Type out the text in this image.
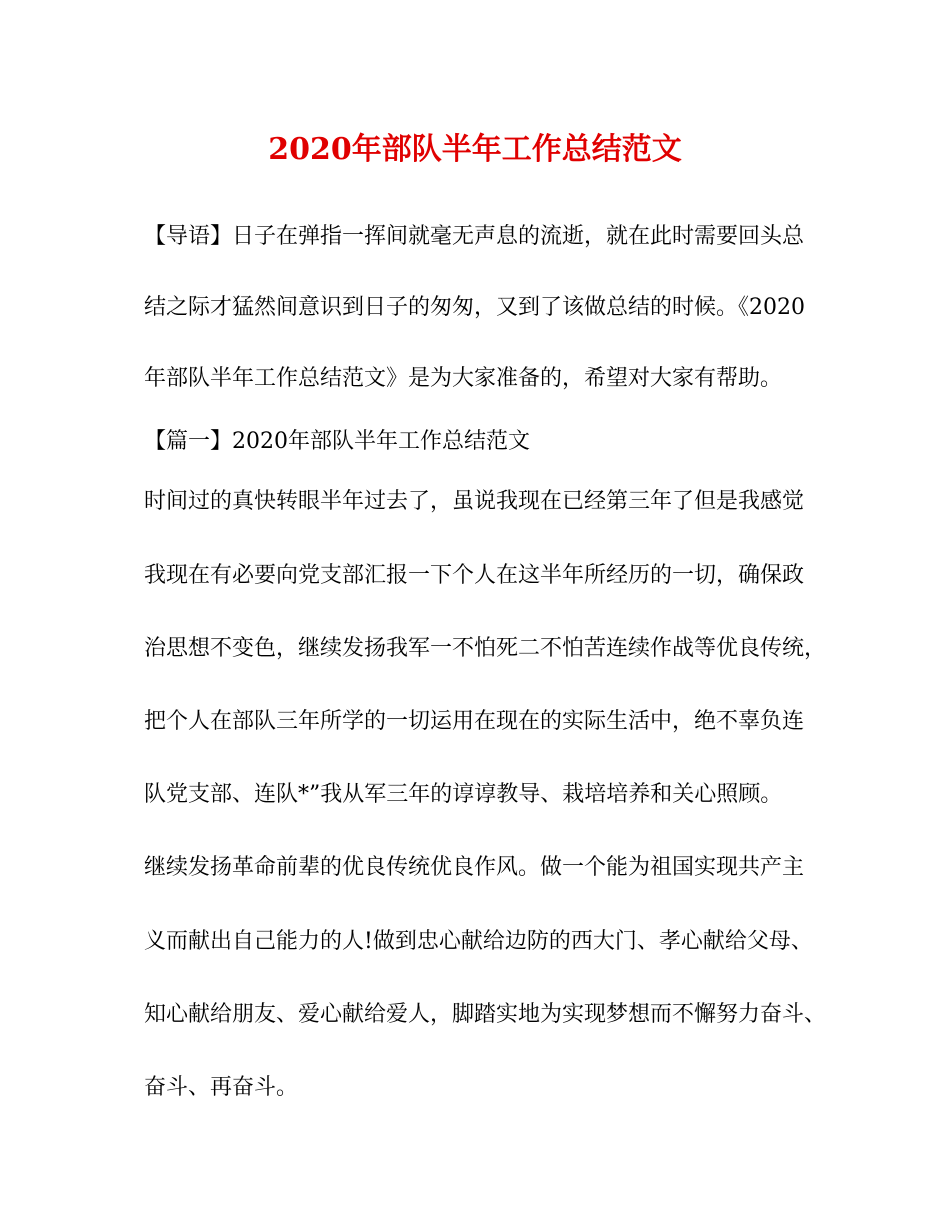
2020年部队半年工作总结范文
【导语】日子在弹指一挥间就毫无声息的流逝，就在此时需要回头总
结之际才猛然间意识到日子的匆匆，又到了该做总结的时候。《2020
年部队半年工作总结范文》是为大家准备的，希望对大家有帮助。
【篇一】2020年部队半年工作总结范文
时间过的真快转眼半年过去了，虽说我现在已经第三年了但是我感觉
我现在有必要向党支部汇报一下个人在这半年所经历的一切，确保政
治思想不变色，继续发扬我军一不怕死二不怕苦连续作战等优良传统，
把个人在部队三年所学的一切运用在现在的实际生活中，绝不辜负连
队党支部、连队*”我从军三年的谆谆教导、栽培培养和关心照顾。
继续发扬革命前辈的优良传统优良作风。做一个能为祖国实现共产主
义而献出自己能力的人!做到忠心献给边防的西大门、孝心献给父母、
知心献给朋友、爱心献给爱人，脚踏实地为实现梦想而不懈努力奋斗、
奋斗、再奋斗。
